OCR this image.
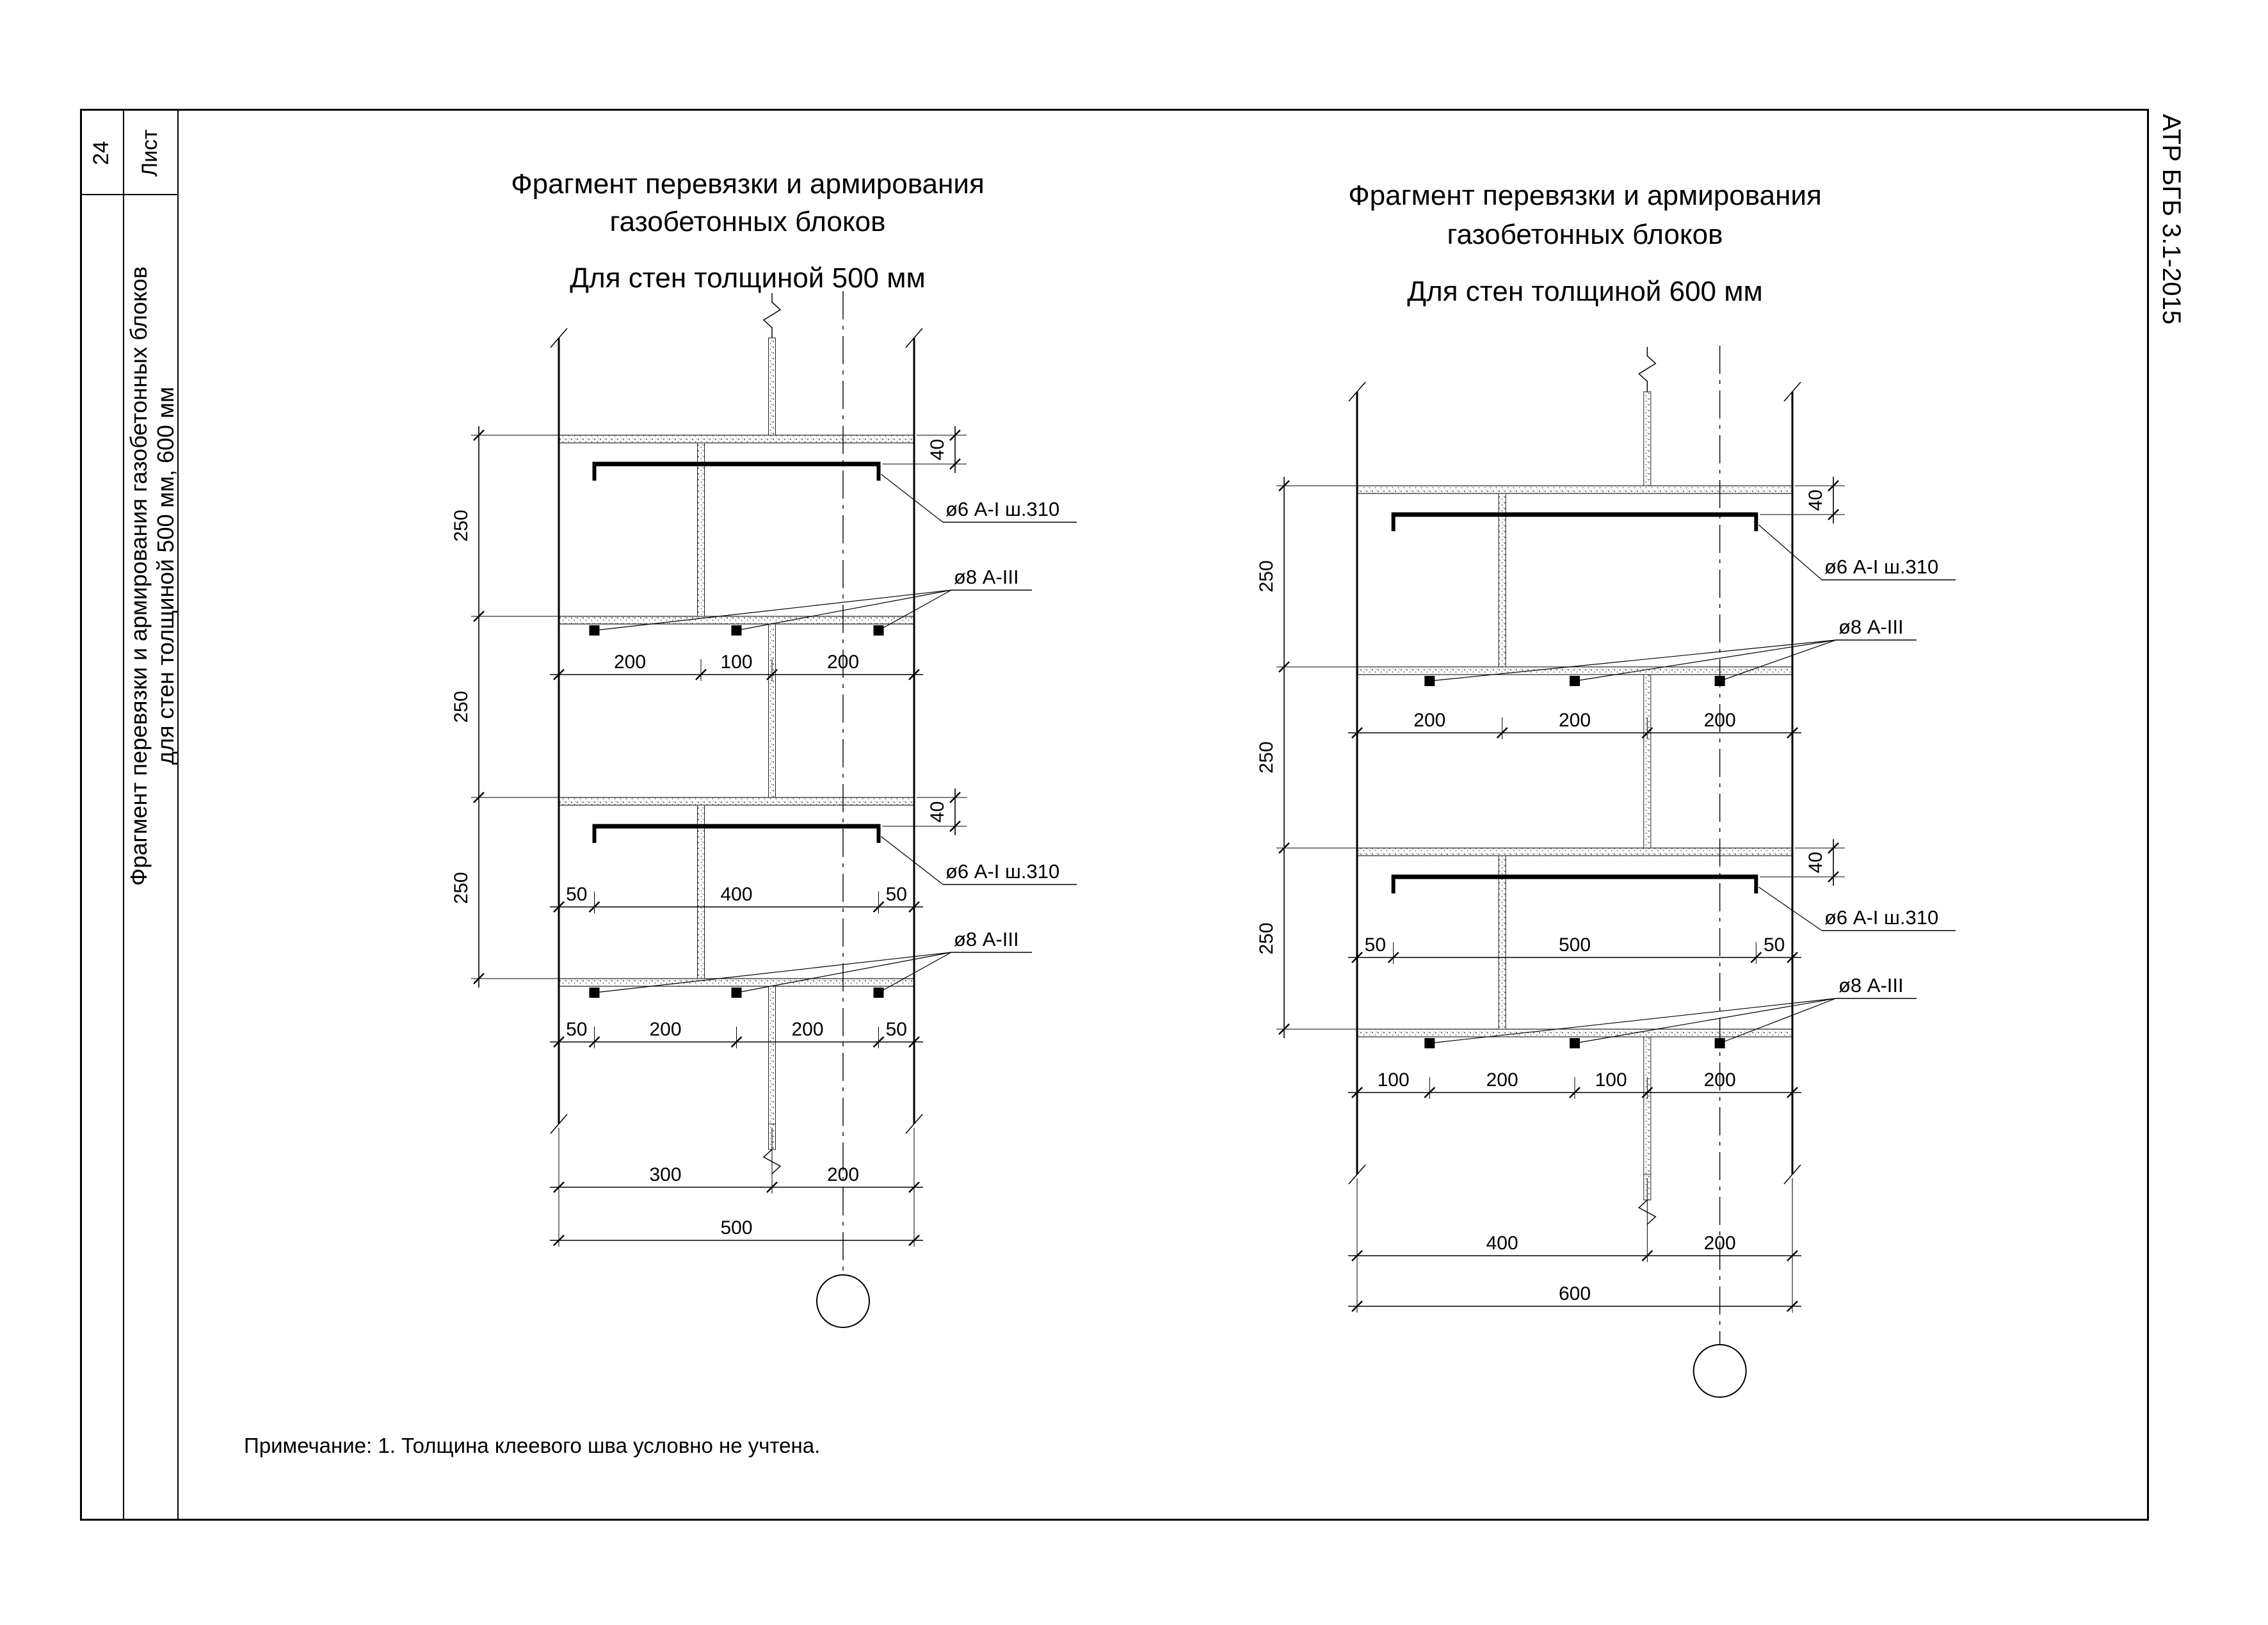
24	Лист
Фрагмент перевязки и армирования газобетонных блоков для стен толщиной 500 мм, 600 мм
АТР БГБ 3.1-2015
Фрагмент перевязки и армирования
газобетонных блоков
Для стен толщиной 500 мм
Фрагмент перевязки и армирования
газобетонных блоков
Для стен толщиной 600 мм
Примечание: 1. Толщина клеевого шва условно не учтена.
250
250
250
200	100	200
50	400	50
50	200	200	50
300	200
500
40
ø6 А-I ш.310
ø8 А-III
40
ø6 А-I ш.310
ø8 А-III
250
250
250
200	200	200
50	500	50
100	200	100	200
400	200
600
40
ø6 А-I ш.310
ø8 А-III
40
ø6 А-I ш.310
ø8 А-III
